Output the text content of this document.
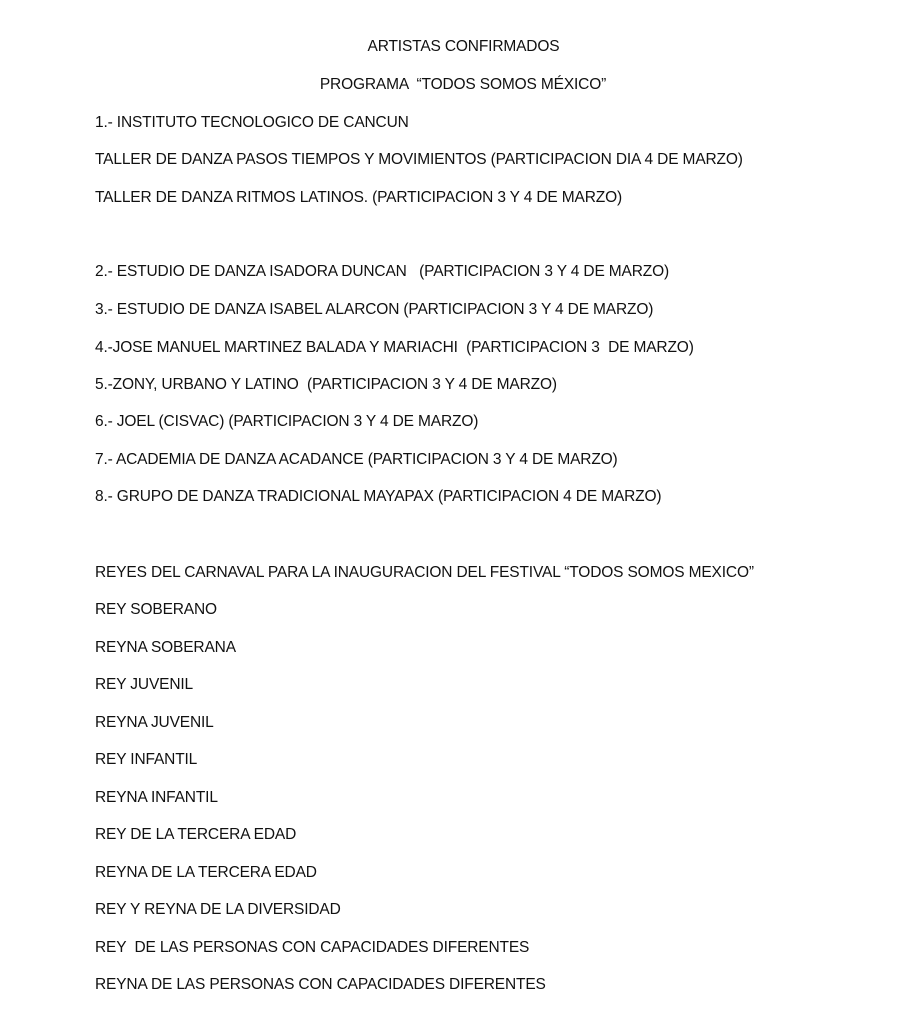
ARTISTAS CONFIRMADOS
PROGRAMA  “TODOS SOMOS MÉXICO”
1.- INSTITUTO TECNOLOGICO DE CANCUN
TALLER DE DANZA PASOS TIEMPOS Y MOVIMIENTOS (PARTICIPACION DIA 4 DE MARZO)
TALLER DE DANZA RITMOS LATINOS. (PARTICIPACION 3 Y 4 DE MARZO)
2.- ESTUDIO DE DANZA ISADORA DUNCAN   (PARTICIPACION 3 Y 4 DE MARZO)
3.- ESTUDIO DE DANZA ISABEL ALARCON (PARTICIPACION 3 Y 4 DE MARZO)
4.-JOSE MANUEL MARTINEZ BALADA Y MARIACHI  (PARTICIPACION 3  DE MARZO)
5.-ZONY, URBANO Y LATINO  (PARTICIPACION 3 Y 4 DE MARZO)
6.- JOEL (CISVAC) (PARTICIPACION 3 Y 4 DE MARZO)
7.- ACADEMIA DE DANZA ACADANCE (PARTICIPACION 3 Y 4 DE MARZO)
8.- GRUPO DE DANZA TRADICIONAL MAYAPAX (PARTICIPACION 4 DE MARZO)
REYES DEL CARNAVAL PARA LA INAUGURACION DEL FESTIVAL “TODOS SOMOS MEXICO”
REY SOBERANO
REYNA SOBERANA
REY JUVENIL
REYNA JUVENIL
REY INFANTIL
REYNA INFANTIL
REY DE LA TERCERA EDAD
REYNA DE LA TERCERA EDAD
REY Y REYNA DE LA DIVERSIDAD
REY  DE LAS PERSONAS CON CAPACIDADES DIFERENTES
REYNA DE LAS PERSONAS CON CAPACIDADES DIFERENTES
